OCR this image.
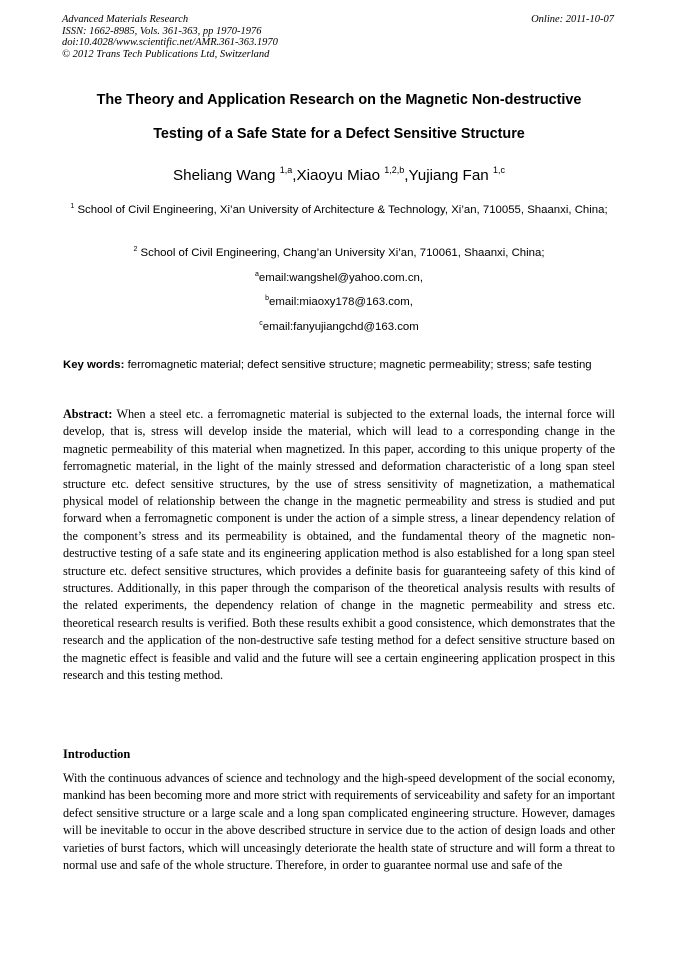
Advanced Materials Research
ISSN: 1662-8985, Vols. 361-363, pp 1970-1976
doi:10.4028/www.scientific.net/AMR.361-363.1970
© 2012 Trans Tech Publications Ltd, Switzerland
Online: 2011-10-07
The Theory and Application Research on the Magnetic Non-destructive
Testing of a Safe State for a Defect Sensitive Structure
Sheliang Wang $^{1,a}$,Xiaoyu Miao $^{1,2,b}$,Yujiang Fan $^{1,c}$
$^1$ School of Civil Engineering, Xi’an University of Architecture & Technology, Xi’an, 710055, Shaanxi, China;
$^2$ School of Civil Engineering, Chang’an University Xi’an, 710061, Shaanxi, China;
$^a$email:wangshel@yahoo.com.cn,
$^b$email:miaoxy178@163.com,
$^c$email:fanyujiangchd@163.com
Key words: ferromagnetic material; defect sensitive structure; magnetic permeability; stress; safe testing
Abstract: When a steel etc. a ferromagnetic material is subjected to the external loads, the internal force will develop, that is, stress will develop inside the material, which will lead to a corresponding change in the magnetic permeability of this material when magnetized. In this paper, according to this unique property of the ferromagnetic material, in the light of the mainly stressed and deformation characteristic of a long span steel structure etc. defect sensitive structures, by the use of stress sensitivity of magnetization, a mathematical physical model of relationship between the change in the magnetic permeability and stress is studied and put forward when a ferromagnetic component is under the action of a simple stress, a linear dependency relation of the component’s stress and its permeability is obtained, and the fundamental theory of the magnetic non-destructive testing of a safe state and its engineering application method is also established for a long span steel structure etc. defect sensitive structures, which provides a definite basis for guaranteeing safety of this kind of structures. Additionally, in this paper through the comparison of the theoretical analysis results with results of the related experiments, the dependency relation of change in the magnetic permeability and stress etc. theoretical research results is verified. Both these results exhibit a good consistence, which demonstrates that the research and the application of the non-destructive safe testing method for a defect sensitive structure based on the magnetic effect is feasible and valid and the future will see a certain engineering application prospect in this research and this testing method.
Introduction
With the continuous advances of science and technology and the high-speed development of the social economy, mankind has been becoming more and more strict with requirements of serviceability and safety for an important defect sensitive structure or a large scale and a long span complicated engineering structure. However, damages will be inevitable to occur in the above described structure in service due to the action of design loads and other varieties of burst factors, which will unceasingly deteriorate the health state of structure and will form a threat to normal use and safe of the whole structure. Therefore, in order to guarantee normal use and safe of the
